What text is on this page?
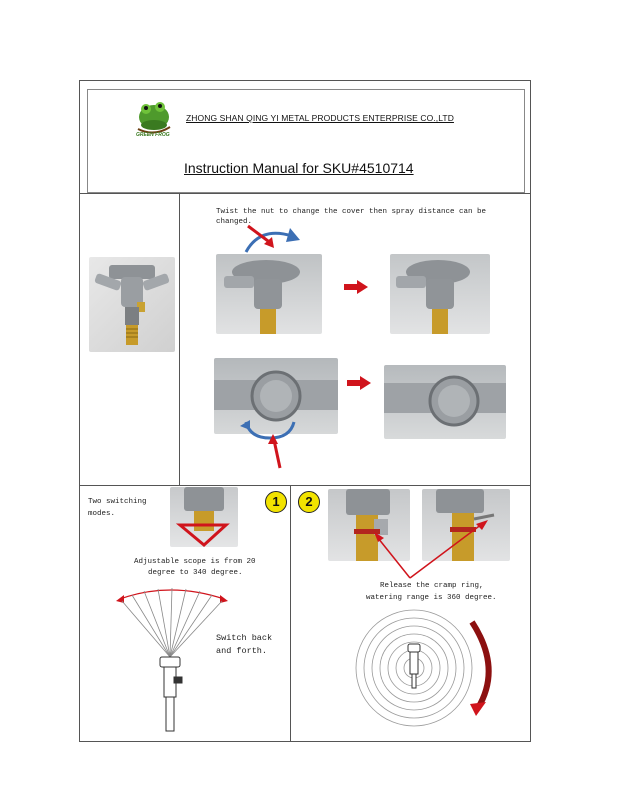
GREEN FROG
ZHONG SHAN QING YI METAL PRODUCTS ENTERPRISE CO.,LTD
Instruction Manual for SKU#4510714
Twist the nut to change the cover then spray distance can be
changed.
Two switching
modes.
1	2
Adjustable scope is from 20
degree to 340 degree.
Switch back
and forth.
Release the cramp ring,
watering range is 360 degree.
